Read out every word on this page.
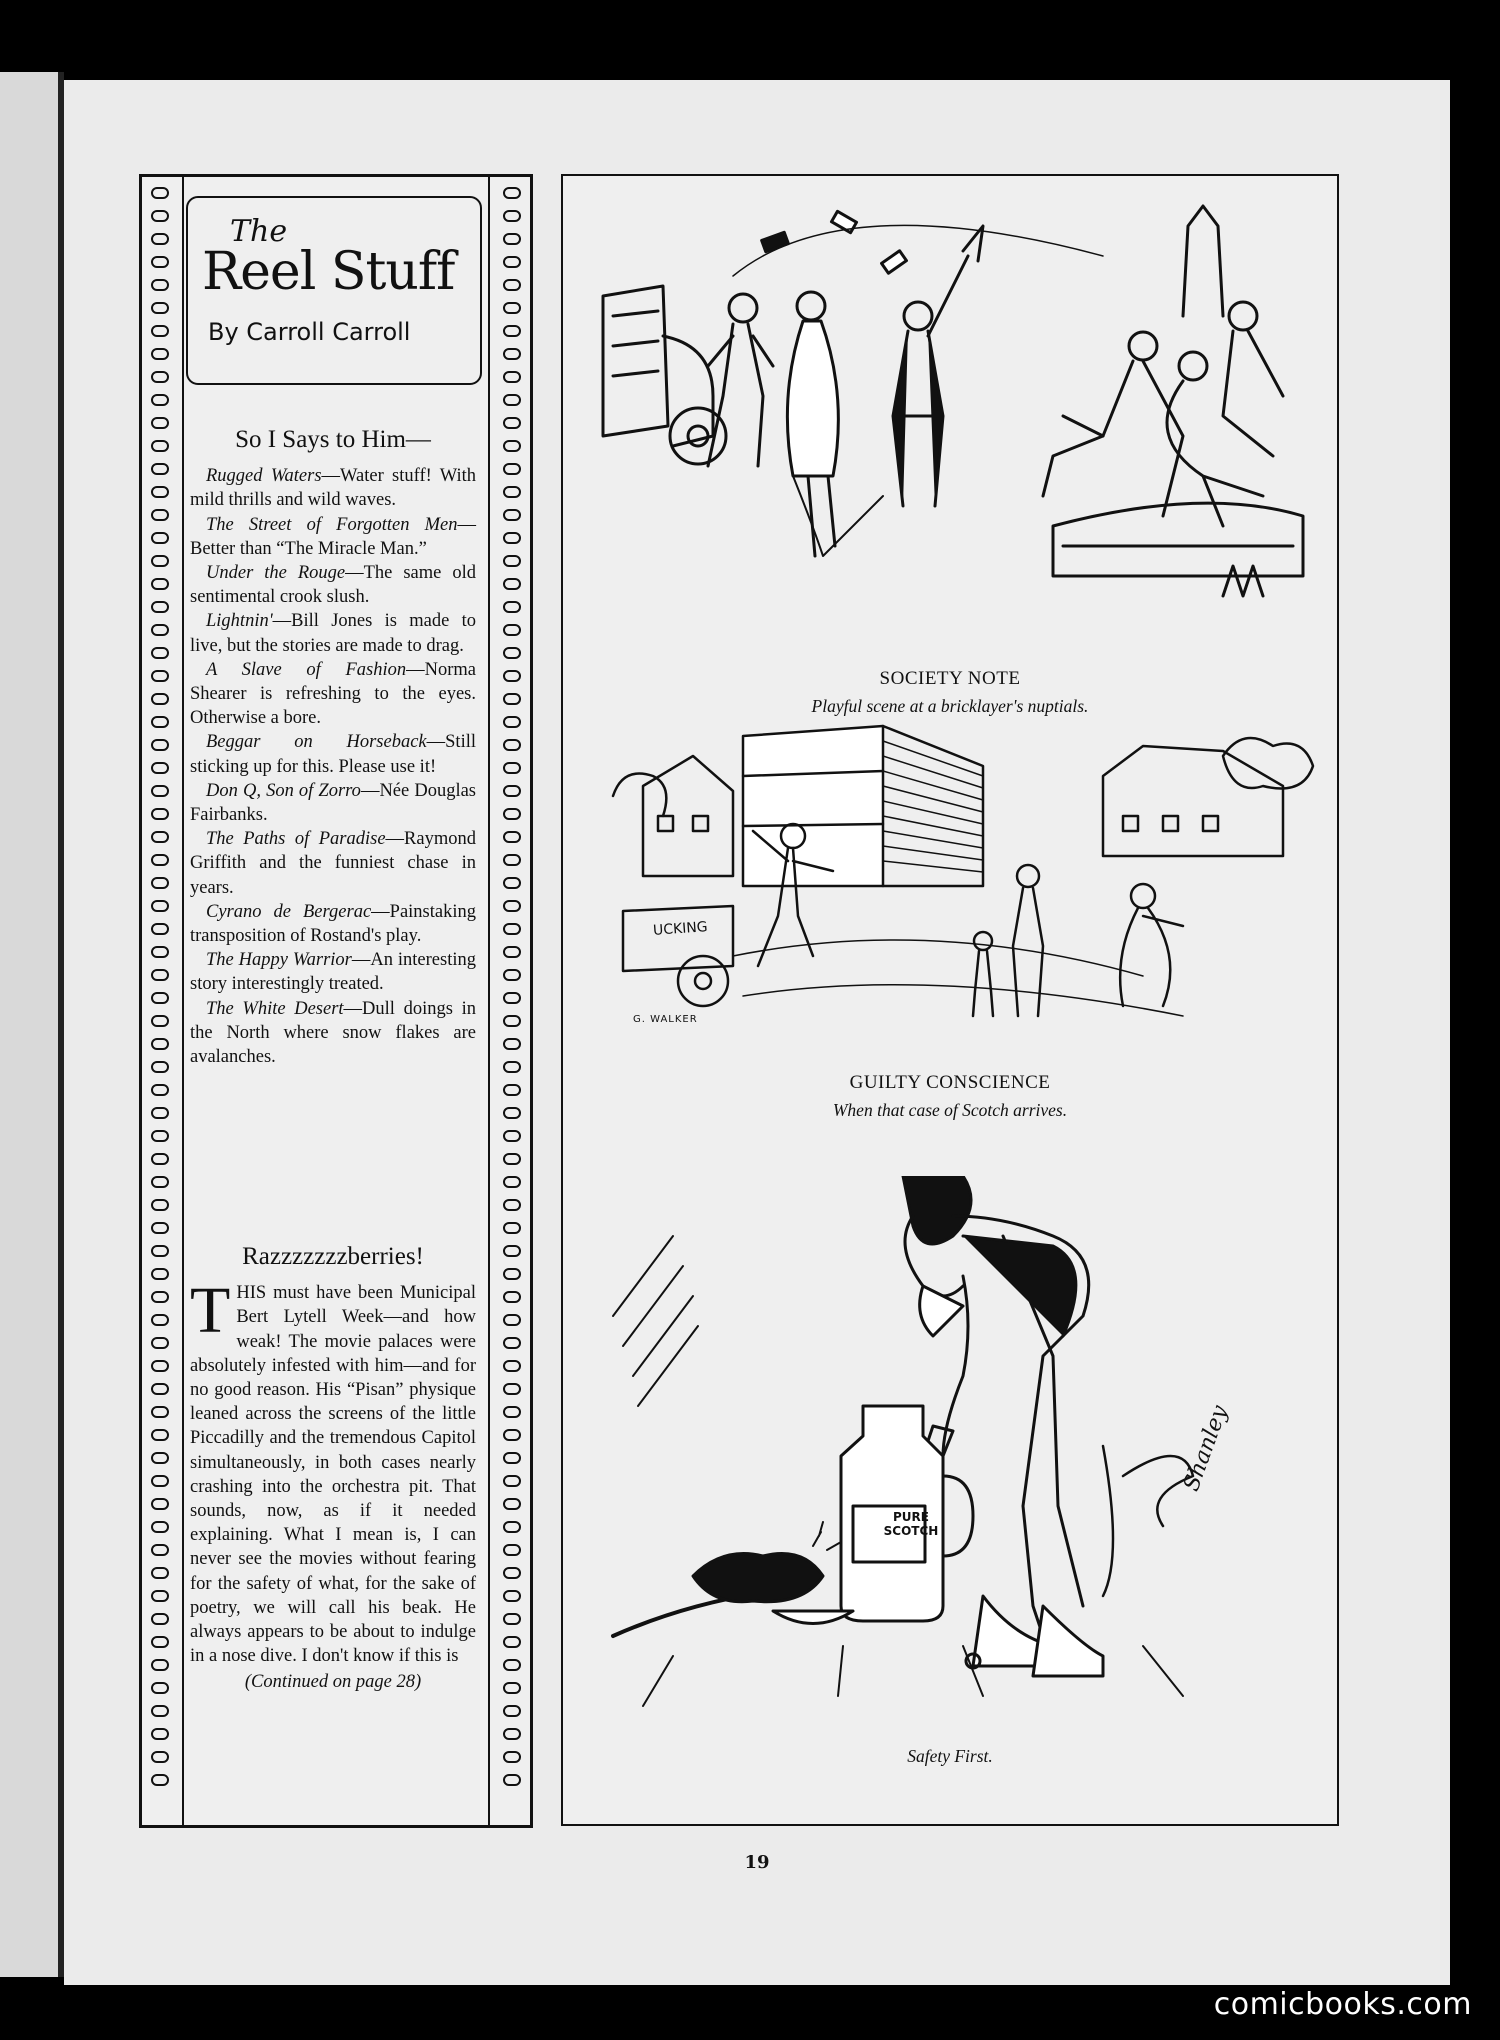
19
The
Reel Stuff
By Carroll Carroll
So I Says to Him—

Rugged Waters—Water stuff! With mild thrills and wild waves.

The Street of Forgotten Men—Better than “The Miracle Man.”

Under the Rouge—The same old sentimental crook slush.

Lightnin'—Bill Jones is made to live, but the stories are made to drag.

A Slave of Fashion—Norma Shearer is refreshing to the eyes. Otherwise a bore.

Beggar on Horseback—Still sticking up for this. Please use it!

Don Q, Son of Zorro—Née Douglas Fairbanks.

The Paths of Paradise—Raymond Griffith and the funniest chase in years.

Cyrano de Bergerac—Painstaking transposition of Rostand's play.

The Happy Warrior—An interesting story interestingly treated.

The White Desert—Dull doings in the North where snow flakes are avalanches.

Razzzzzzzberries!

THIS must have been Municipal Bert Lytell Week—and how weak! The movie palaces were absolutely infested with him—and for no good reason. His “Pisan” physique leaned across the screens of the little Piccadilly and the tremendous Capitol simultaneously, in both cases nearly crashing into the orchestra pit. That sounds, now, as if it needed explaining. What I mean is, I can never see the movies without fearing for the safety of what, for the sake of poetry, we will call his beak. He always appears to be about to indulge in a nose dive. I don't know if this is

(Continued on page 28)
SOCIETY NOTE
Playful scene at a bricklayer's nuptials.
UCKING
G. WALKER
GUILTY CONSCIENCE
When that case of Scotch arrives.
PURE
SCOTCH
Shanley
Safety First.
comicbooks.com
